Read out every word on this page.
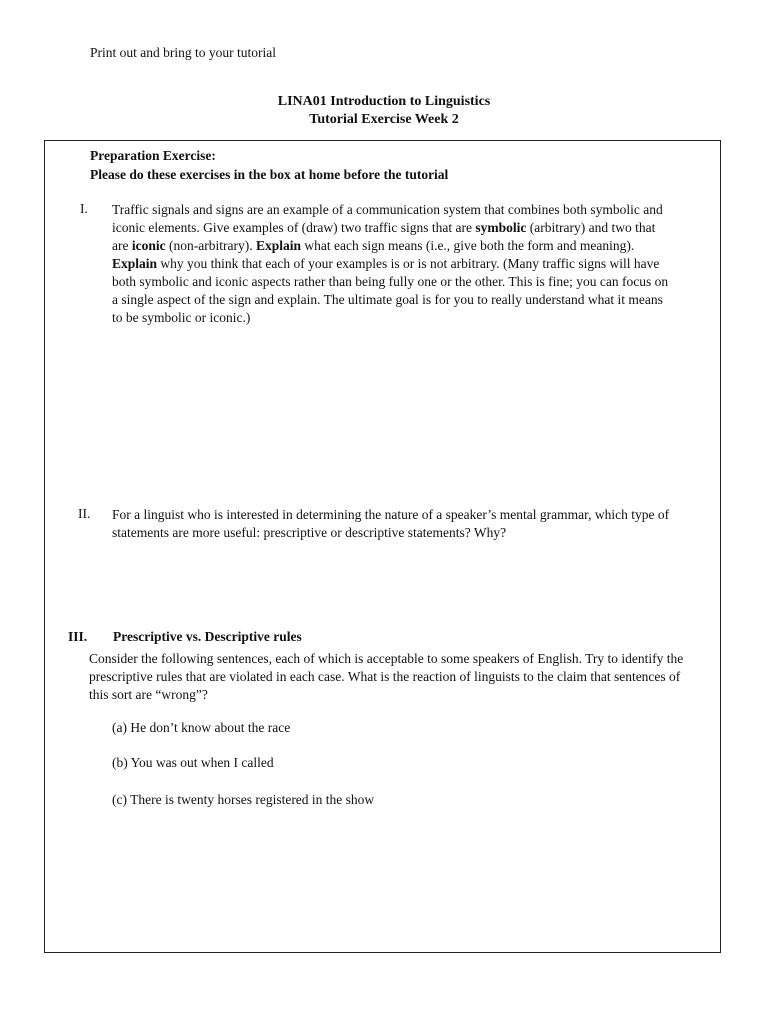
Print out and bring to your tutorial
LINA01 Introduction to Linguistics
Tutorial Exercise Week 2
Preparation Exercise:
Please do these exercises in the box at home before the tutorial
I. Traffic signals and signs are an example of a communication system that combines both symbolic and iconic elements. Give examples of (draw) two traffic signs that are symbolic (arbitrary) and two that are iconic (non-arbitrary). Explain what each sign means (i.e., give both the form and meaning). Explain why you think that each of your examples is or is not arbitrary. (Many traffic signs will have both symbolic and iconic aspects rather than being fully one or the other. This is fine; you can focus on a single aspect of the sign and explain. The ultimate goal is for you to really understand what it means to be symbolic or iconic.)
II. For a linguist who is interested in determining the nature of a speaker’s mental grammar, which type of statements are more useful: prescriptive or descriptive statements? Why?
III. Prescriptive vs. Descriptive rules
Consider the following sentences, each of which is acceptable to some speakers of English. Try to identify the prescriptive rules that are violated in each case. What is the reaction of linguists to the claim that sentences of this sort are “wrong”?
(a) He don’t know about the race
(b) You was out when I called
(c) There is twenty horses registered in the show
